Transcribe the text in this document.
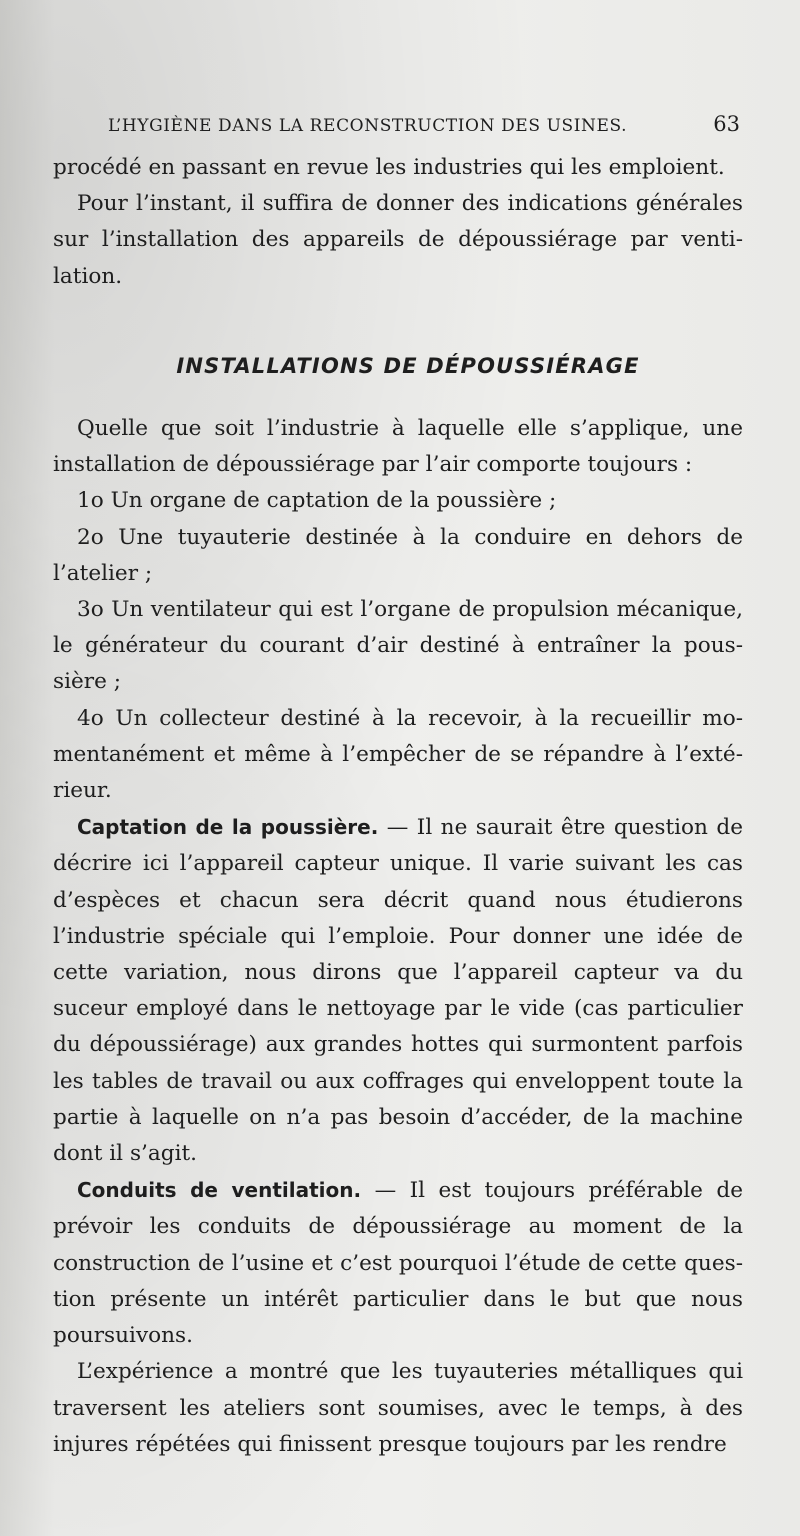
L’HYGIÈNE DANS LA RECONSTRUCTION DES USINES.	63

procédé en passant en revue les industries qui les emploient.

Pour l’instant, il suffira de donner des indications générales sur l’installation des appareils de dépoussiérage par venti-lation.

INSTALLATIONS DE DÉPOUSSIÉRAGE

Quelle que soit l’industrie à laquelle elle s’applique, une installation de dépoussiérage par l’air comporte toujours :

1o Un organe de captation de la poussière ;

2o Une tuyauterie destinée à la conduire en dehors de l’atelier ;

3o Un ventilateur qui est l’organe de propulsion mécanique, le générateur du courant d’air destiné à entraîner la pous-sière ;

4o Un collecteur destiné à la recevoir, à la recueillir mo-mentanément et même à l’empêcher de se répandre à l’exté-rieur.

Captation de la poussière. — Il ne saurait être question de décrire ici l’appareil capteur unique. Il varie suivant les cas d’espèces et chacun sera décrit quand nous étudierons l’industrie spéciale qui l’emploie. Pour donner une idée de cette variation, nous dirons que l’appareil capteur va du suceur employé dans le nettoyage par le vide (cas particulier du dépoussiérage) aux grandes hottes qui surmontent parfois les tables de travail ou aux coffrages qui enveloppent toute la partie à laquelle on n’a pas besoin d’accéder, de la machine dont il s’agit.

Conduits de ventilation. — Il est toujours préférable de prévoir les conduits de dépoussiérage au moment de la construction de l’usine et c’est pourquoi l’étude de cette ques-tion présente un intérêt particulier dans le but que nous poursuivons.

L’expérience a montré que les tuyauteries métalliques qui traversent les ateliers sont soumises, avec le temps, à des injures répétées qui finissent presque toujours par les rendre
